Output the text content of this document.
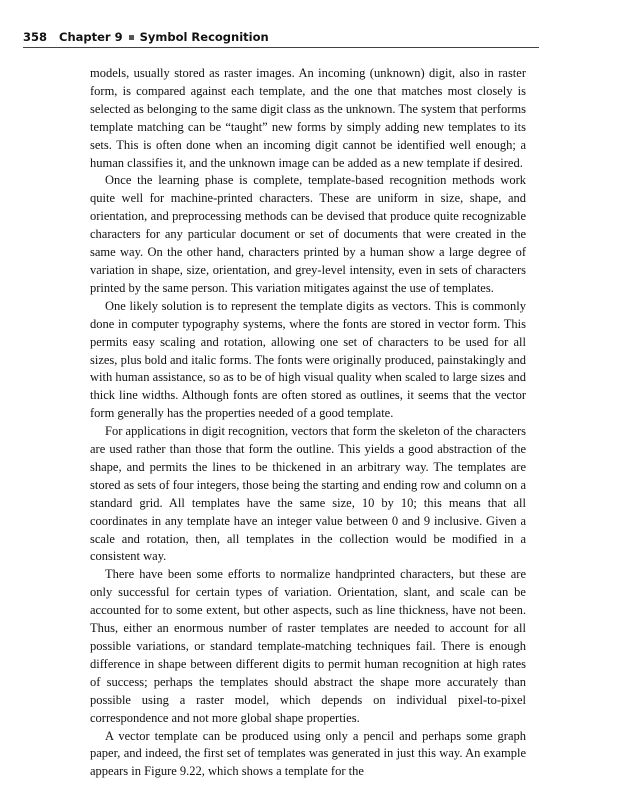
358 Chapter 9 Symbol Recognition

models, usually stored as raster images. An incoming (unknown) digit, also in raster form, is compared against each template, and the one that matches most closely is selected as belonging to the same digit class as the unknown. The system that performs template matching can be “taught” new forms by simply adding new templates to its sets. This is often done when an incoming digit cannot be identified well enough; a human classifies it, and the unknown image can be added as a new template if desired.

Once the learning phase is complete, template-based recognition methods work quite well for machine-printed characters. These are uniform in size, shape, and orientation, and preprocessing methods can be devised that produce quite recognizable characters for any particular document or set of documents that were created in the same way. On the other hand, characters printed by a human show a large degree of variation in shape, size, orientation, and grey-level intensity, even in sets of characters printed by the same person. This variation mitigates against the use of templates.

One likely solution is to represent the template digits as vectors. This is commonly done in computer typography systems, where the fonts are stored in vector form. This permits easy scaling and rotation, allowing one set of characters to be used for all sizes, plus bold and italic forms. The fonts were originally produced, painstakingly and with human assistance, so as to be of high visual quality when scaled to large sizes and thick line widths. Although fonts are often stored as outlines, it seems that the vector form generally has the properties needed of a good template.

For applications in digit recognition, vectors that form the skeleton of the characters are used rather than those that form the outline. This yields a good abstraction of the shape, and permits the lines to be thickened in an arbitrary way. The templates are stored as sets of four integers, those being the starting and ending row and column on a standard grid. All templates have the same size, 10 by 10; this means that all coordinates in any template have an integer value between 0 and 9 inclusive. Given a scale and rotation, then, all templates in the collection would be modified in a consistent way.

There have been some efforts to normalize handprinted characters, but these are only successful for certain types of variation. Orientation, slant, and scale can be accounted for to some extent, but other aspects, such as line thickness, have not been. Thus, either an enormous number of raster templates are needed to account for all possible variations, or standard template-matching techniques fail. There is enough difference in shape between different digits to permit human recognition at high rates of success; perhaps the templates should abstract the shape more accurately than possible using a raster model, which depends on individual pixel-to-pixel correspondence and not more global shape properties.

A vector template can be produced using only a pencil and perhaps some graph paper, and indeed, the first set of templates was generated in just this way. An example appears in Figure 9.22, which shows a template for the
